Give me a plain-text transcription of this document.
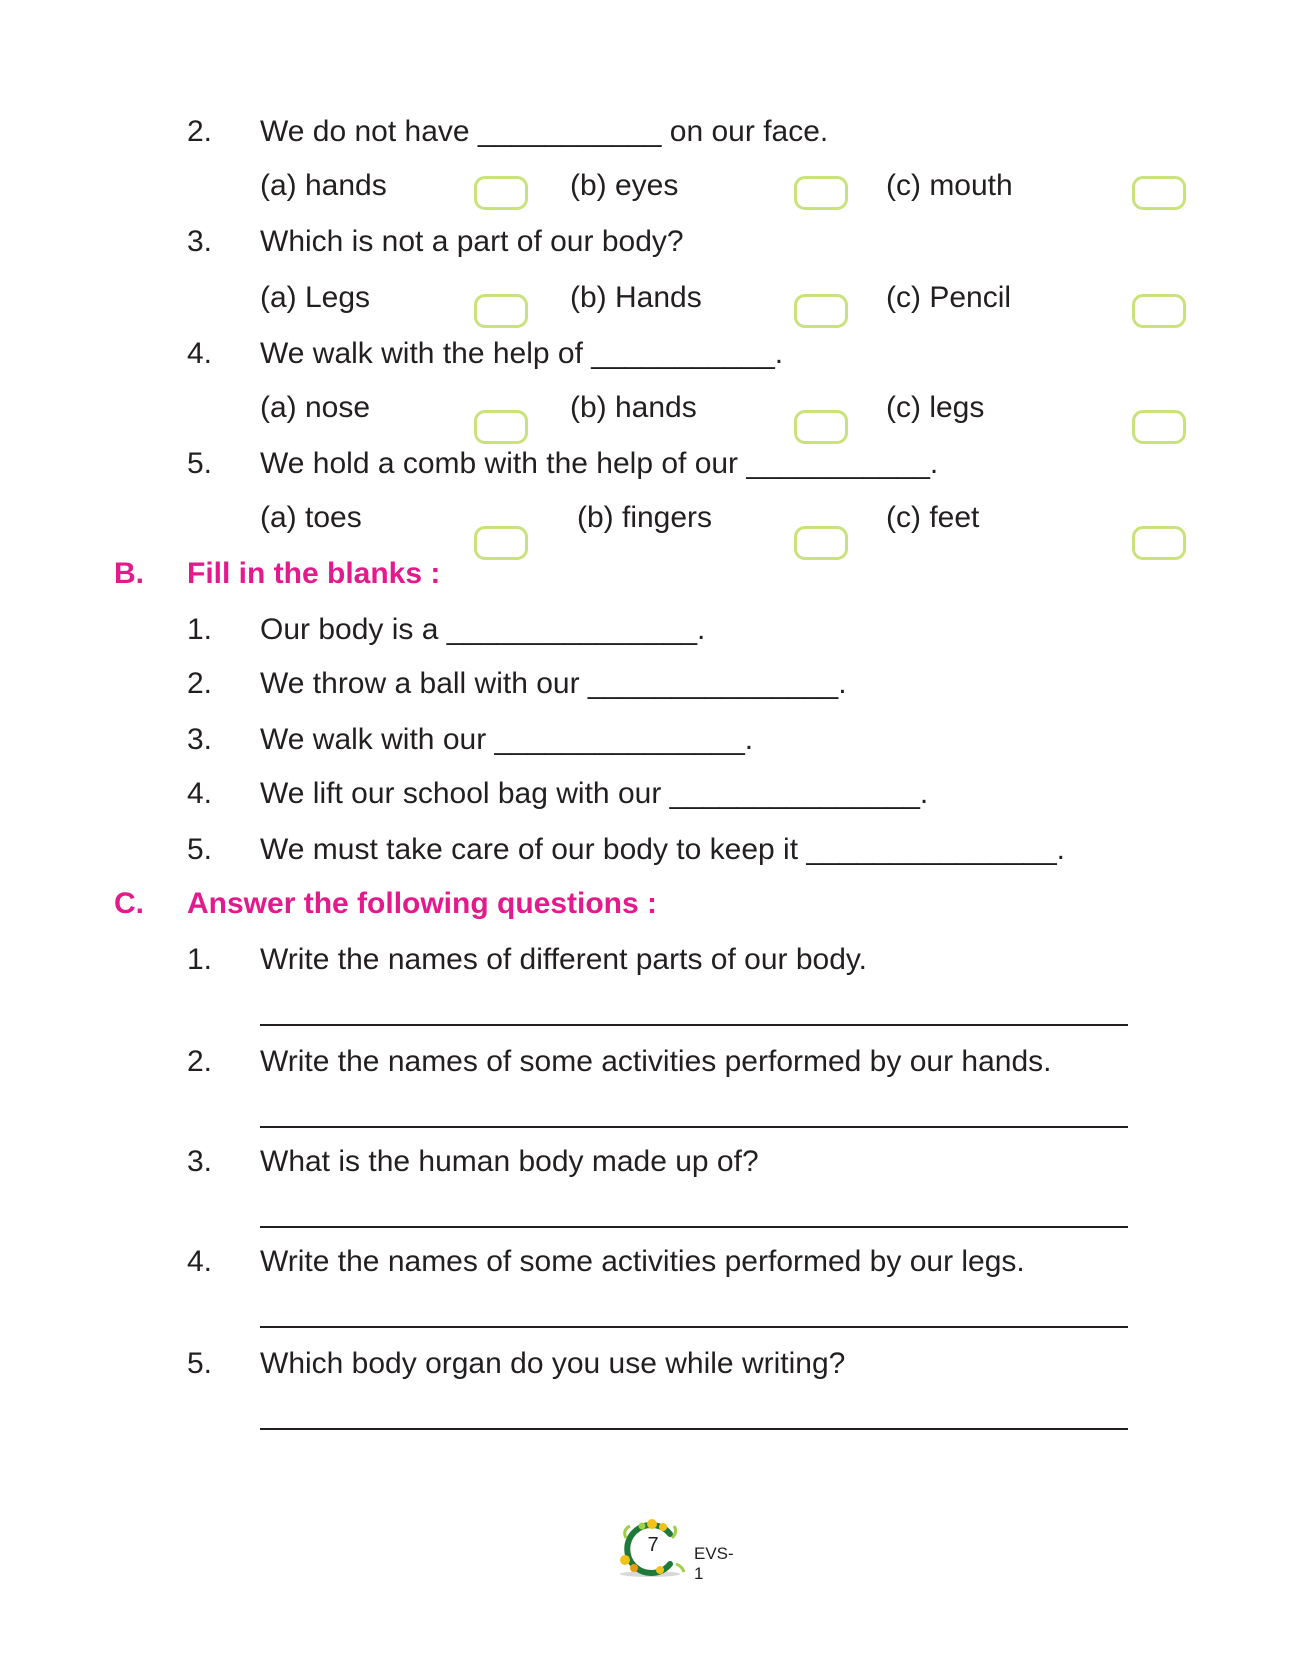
2. We do not have ___________ on our face.
(a) hands	(b) eyes	(c) mouth
3. Which is not a part of our body?
(a) Legs	(b) Hands	(c) Pencil
4. We walk with the help of ___________.
(a) nose	(b) hands	(c) legs
5. We hold a comb with the help of our ___________.
(a) toes	(b) fingers	(c) feet
B. Fill in the blanks :
1. Our body is a _______________.
2. We throw a ball with our _______________.
3. We walk with our _______________.
4. We lift our school bag with our _______________.
5. We must take care of our body to keep it _______________.
C. Answer the following questions :
1. Write the names of different parts of our body.
2. Write the names of some activities performed by our hands.
3. What is the human body made up of?
4. Write the names of some activities performed by our legs.
5. Which body organ do you use while writing?
7	EVS-1
